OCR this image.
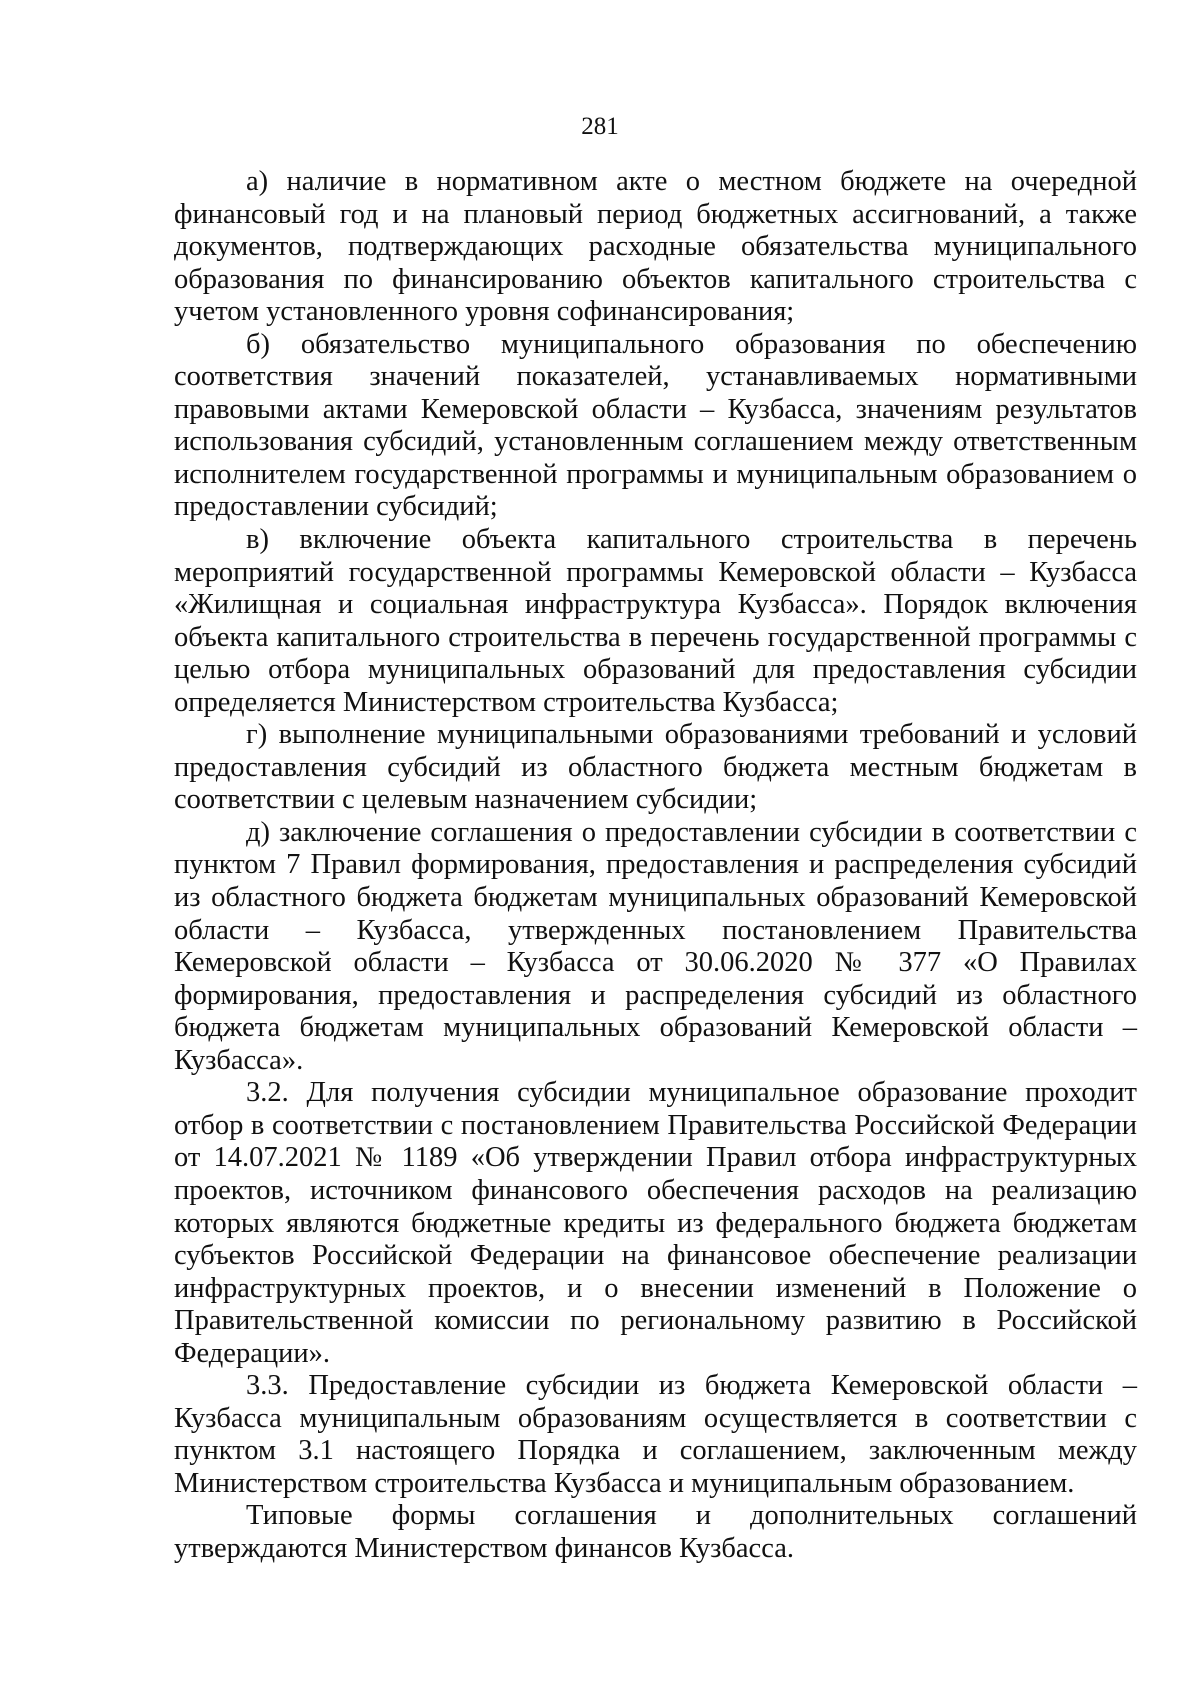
281

а) наличие в нормативном акте о местном бюджете на очередной финансовый год и на плановый период бюджетных ассигнований, а также документов, подтверждающих расходные обязательства муниципального образования по финансированию объектов капитального строительства с учетом установленного уровня софинансирования;

б) обязательство муниципального образования по обеспечению соответствия значений показателей, устанавливаемых нормативными правовыми актами Кемеровской области – Кузбасса, значениям результатов использования субсидий, установленным соглашением между ответственным исполнителем государственной программы и муниципальным образованием о предоставлении субсидий;

в) включение объекта капитального строительства в перечень мероприятий государственной программы Кемеровской области – Кузбасса «Жилищная и социальная инфраструктура Кузбасса». Порядок включения объекта капитального строительства в перечень государственной программы с целью отбора муниципальных образований для предоставления субсидии определяется Министерством строительства Кузбасса;

г) выполнение муниципальными образованиями требований и условий предоставления субсидий из областного бюджета местным бюджетам в соответствии с целевым назначением субсидии;

д) заключение соглашения о предоставлении субсидии в соответствии с пунктом 7 Правил формирования, предоставления и распределения субсидий из областного бюджета бюджетам муниципальных образований Кемеровской области – Кузбасса, утвержденных постановлением Правительства Кемеровской области – Кузбасса от 30.06.2020 № 377 «О Правилах формирования, предоставления и распределения субсидий из областного бюджета бюджетам муниципальных образований Кемеровской области – Кузбасса».

3.2. Для получения субсидии муниципальное образование проходит отбор в соответствии с постановлением Правительства Российской Федерации от 14.07.2021 № 1189 «Об утверждении Правил отбора инфраструктурных проектов, источником финансового обеспечения расходов на реализацию которых являются бюджетные кредиты из федерального бюджета бюджетам субъектов Российской Федерации на финансовое обеспечение реализации инфраструктурных проектов, и о внесении изменений в Положение о Правительственной комиссии по региональному развитию в Российской Федерации».

3.3. Предоставление субсидии из бюджета Кемеровской области – Кузбасса муниципальным образованиям осуществляется в соответствии с пунктом 3.1 настоящего Порядка и соглашением, заключенным между Министерством строительства Кузбасса и муниципальным образованием.

Типовые формы соглашения и дополнительных соглашений утверждаются Министерством финансов Кузбасса.
